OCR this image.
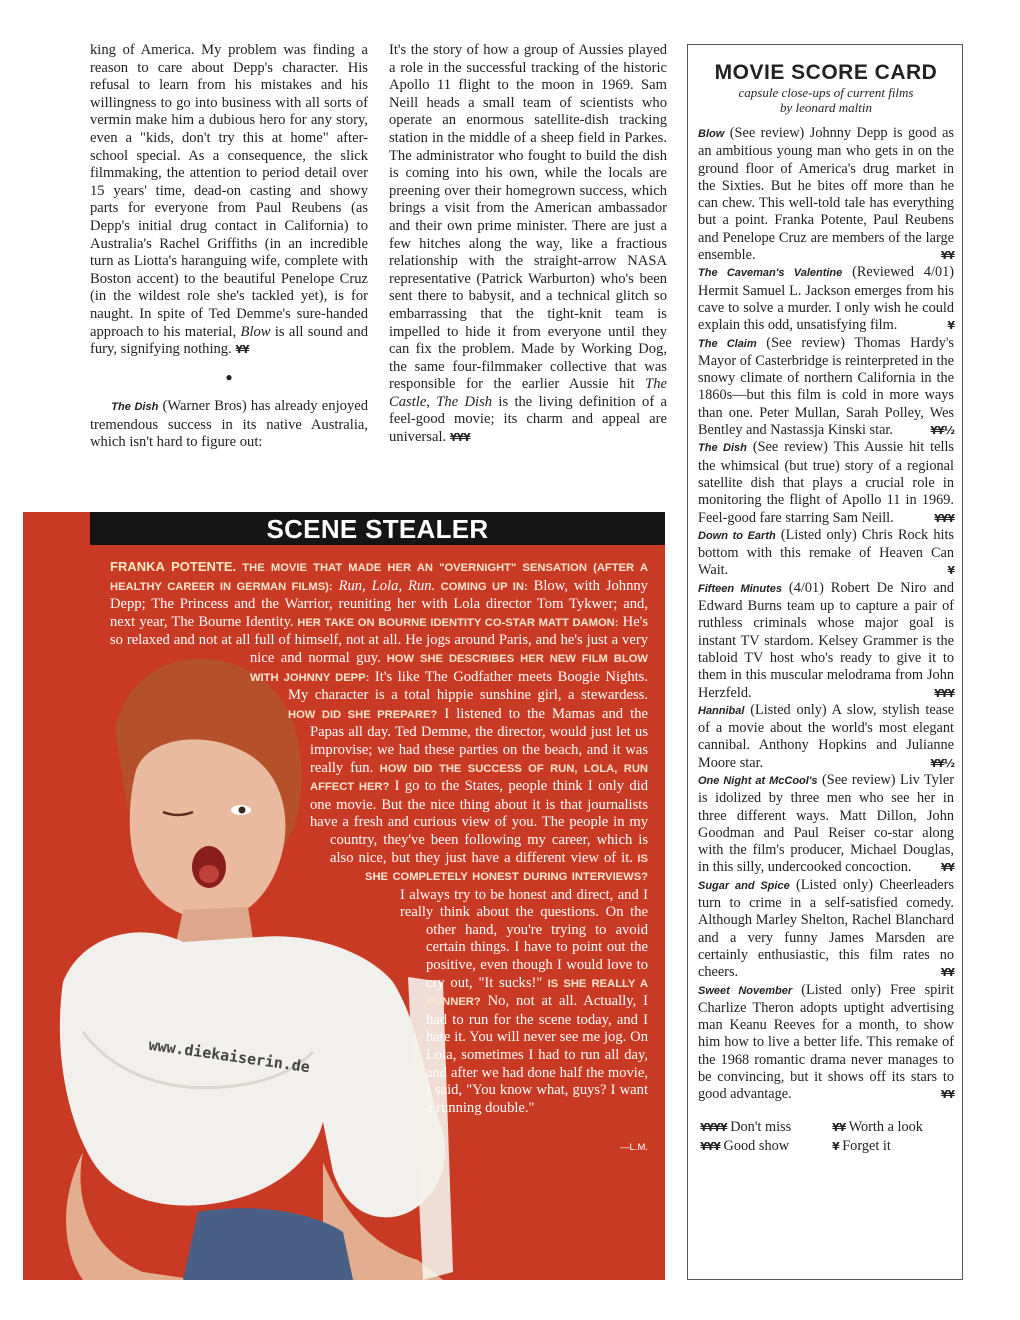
king of America. My problem was finding a reason to care about Depp's character. His refusal to learn from his mistakes and his willingness to go into business with all sorts of vermin make him a dubious hero for any story, even a "kids, don't try this at home" after-school special. As a consequence, the slick filmmaking, the attention to period detail over 15 years' time, dead-on casting and showy parts for everyone from Paul Reubens (as Depp's initial drug contact in California) to Australia's Rachel Griffiths (in an incredible turn as Liotta's haranguing wife, complete with Boston accent) to the beautiful Penelope Cruz (in the wildest role she's tackled yet), is for naught. In spite of Ted Demme's sure-handed approach to his material, Blow is all sound and fury, signifying nothing. ¥¥

●

The Dish (Warner Bros) has already enjoyed tremendous success in its native Australia, which isn't hard to figure out:

It's the story of how a group of Aussies played a role in the successful tracking of the historic Apollo 11 flight to the moon in 1969. Sam Neill heads a small team of scientists who operate an enormous satellite-dish tracking station in the middle of a sheep field in Parkes. The administrator who fought to build the dish is coming into his own, while the locals are preening over their homegrown success, which brings a visit from the American ambassador and their own prime minister. There are just a few hitches along the way, like a fractious relationship with the straight-arrow NASA representative (Patrick Warburton) who's been sent there to babysit, and a technical glitch so embarrassing that the tight-knit team is impelled to hide it from everyone until they can fix the problem. Made by Working Dog, the same four-filmmaker collective that was responsible for the earlier Aussie hit The Castle, The Dish is the living definition of a feel-good movie; its charm and appeal are universal. ¥¥¥

MOVIE SCORE CARD

capsule close-ups of current films

by leonard maltin

Blow (See review) Johnny Depp is good as an ambitious young man who gets in on the ground floor of America's drug market in the Sixties. But he bites off more than he can chew. This well-told tale has everything but a point. Franka Potente, Paul Reubens and Penelope Cruz are members of the large ensemble.	¥¥

The Caveman's Valentine (Reviewed 4/01) Hermit Samuel L. Jackson emerges from his cave to solve a murder. I only wish he could explain this odd, unsatisfying film.	¥

The Claim (See review) Thomas Hardy's Mayor of Casterbridge is reinterpreted in the snowy climate of northern California in the 1860s—but this film is cold in more ways than one. Peter Mullan, Sarah Polley, Wes Bentley and Nastassja Kinski star.	¥¥½

The Dish (See review) This Aussie hit tells the whimsical (but true) story of a regional satellite dish that plays a crucial role in monitoring the flight of Apollo 11 in 1969. Feel-good fare starring Sam Neill.	¥¥¥

Down to Earth (Listed only) Chris Rock hits bottom with this remake of Heaven Can Wait.	¥

Fifteen Minutes (4/01) Robert De Niro and Edward Burns team up to capture a pair of ruthless criminals whose major goal is instant TV stardom. Kelsey Grammer is the tabloid TV host who's ready to give it to them in this muscular melodrama from John Herzfeld.	¥¥¥

Hannibal (Listed only) A slow, stylish tease of a movie about the world's most elegant cannibal. Anthony Hopkins and Julianne Moore star.	¥¥½

One Night at McCool's (See review) Liv Tyler is idolized by three men who see her in three different ways. Matt Dillon, John Goodman and Paul Reiser co-star along with the film's producer, Michael Douglas, in this silly, undercooked concoction.	¥¥

Sugar and Spice (Listed only) Cheerleaders turn to crime in a self-satisfied comedy. Although Marley Shelton, Rachel Blanchard and a very funny James Marsden are certainly enthusiastic, this film rates no cheers.	¥¥

Sweet November (Listed only) Free spirit Charlize Theron adopts uptight advertising man Keanu Reeves for a month, to show him how to live a better life. This remake of the 1968 romantic drama never manages to be convincing, but it shows off its stars to good advantage.	¥¥

¥¥¥¥ Don't miss	¥¥ Worth a look
¥¥¥ Good show	¥ Forget it
SCENE STEALER
www.diekaiserin.de
FRANKA POTENTE. THE MOVIE THAT MADE HER AN "OVERNIGHT" SENSATION (AFTER A HEALTHY CAREER IN GERMAN FILMS): Run, Lola, Run. COMING UP IN: Blow, with Johnny Depp; The Princess and the Warrior, reuniting her with Lola director Tom Tykwer; and, next year, The Bourne Identity. HER TAKE ON BOURNE IDENTITY CO-STAR MATT DAMON: He's so relaxed and not at all full of himself, not at all. He jogs around Paris, and he's just a very nice and normal guy. HOW SHE DESCRIBES HER NEW FILM BLOW WITH JOHNNY DEPP: It's like The Godfather meets Boogie Nights. My character is a total hippie sunshine girl, a stewardess. HOW DID SHE PREPARE? I listened to the Mamas and the Papas all day. Ted Demme, the director, would just let us improvise; we had these parties on the beach, and it was really fun. HOW DID THE SUCCESS OF RUN, LOLA, RUN AFFECT HER? I go to the States, people think I only did one movie. But the nice thing about it is that journalists have a fresh and curious view of you. The people in my country, they've been following my career, which is also nice, but they just have a different view of it. IS SHE COMPLETELY HONEST DURING INTERVIEWS? I always try to be honest and direct, and I really think about the questions. On the other hand, you're trying to avoid certain things. I have to point out the positive, even though I would love to cry out, "It sucks!" IS SHE REALLY A RUNNER? No, not at all. Actually, I had to run for the scene today, and I hate it. You will never see me jog. On Lola, sometimes I had to run all day, and after we had done half the movie, I said, "You know what, guys? I want a running double."
—L.M.
